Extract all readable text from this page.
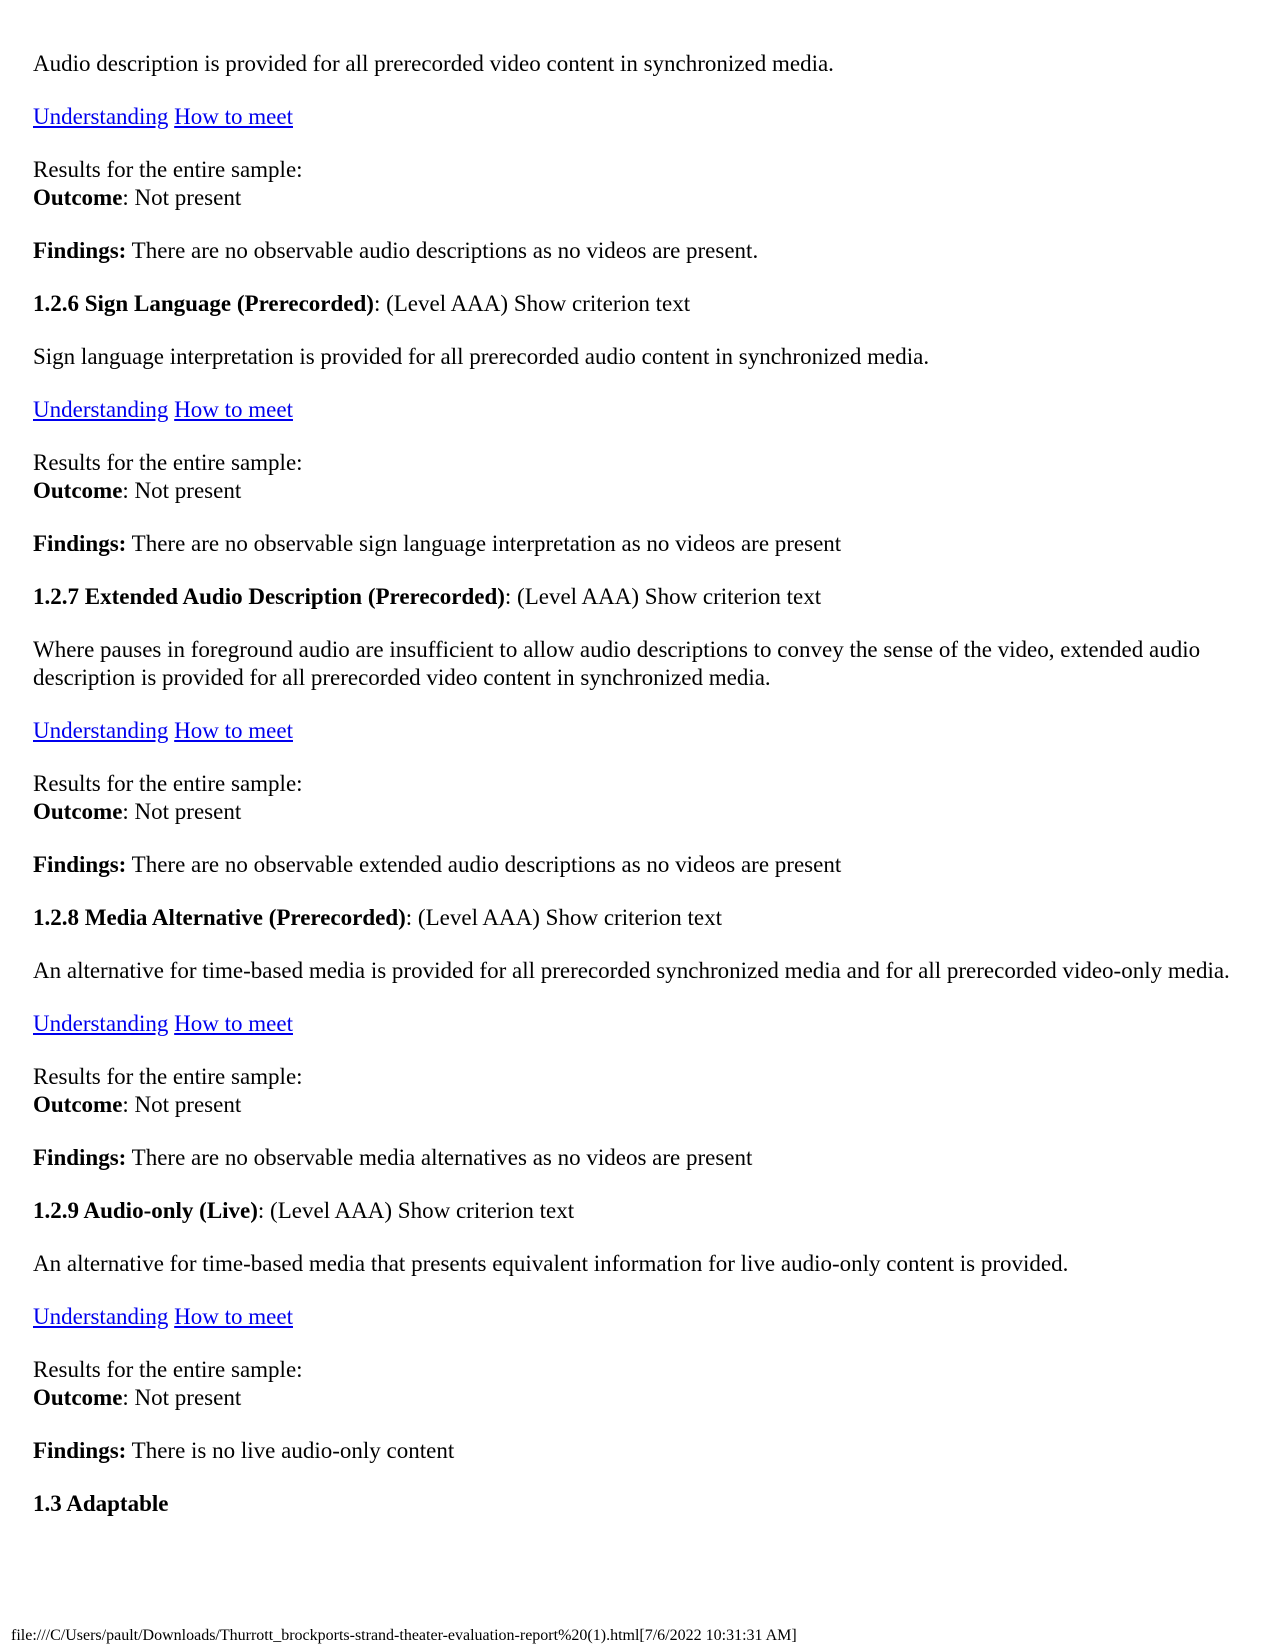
Audio description is provided for all prerecorded video content in synchronized media.

Understanding How to meet

Results for the entire sample:

Outcome: Not present

Findings: There are no observable audio descriptions as no videos are present.

1.2.6 Sign Language (Prerecorded): (Level AAA) Show criterion text

Sign language interpretation is provided for all prerecorded audio content in synchronized media.

Understanding How to meet

Results for the entire sample:

Outcome: Not present

Findings: There are no observable sign language interpretation as no videos are present

1.2.7 Extended Audio Description (Prerecorded): (Level AAA) Show criterion text

Where pauses in foreground audio are insufficient to allow audio descriptions to convey the sense of the video, extended audio description is provided for all prerecorded video content in synchronized media.

Understanding How to meet

Results for the entire sample:

Outcome: Not present

Findings: There are no observable extended audio descriptions as no videos are present

1.2.8 Media Alternative (Prerecorded): (Level AAA) Show criterion text

An alternative for time-based media is provided for all prerecorded synchronized media and for all prerecorded video-only media.

Understanding How to meet

Results for the entire sample:

Outcome: Not present

Findings: There are no observable media alternatives as no videos are present

1.2.9 Audio-only (Live): (Level AAA) Show criterion text

An alternative for time-based media that presents equivalent information for live audio-only content is provided.

Understanding How to meet

Results for the entire sample:

Outcome: Not present

Findings: There is no live audio-only content

1.3 Adaptable
file:///C/Users/pault/Downloads/Thurrott_brockports-strand-theater-evaluation-report%20(1).html[7/6/2022 10:31:31 AM]
